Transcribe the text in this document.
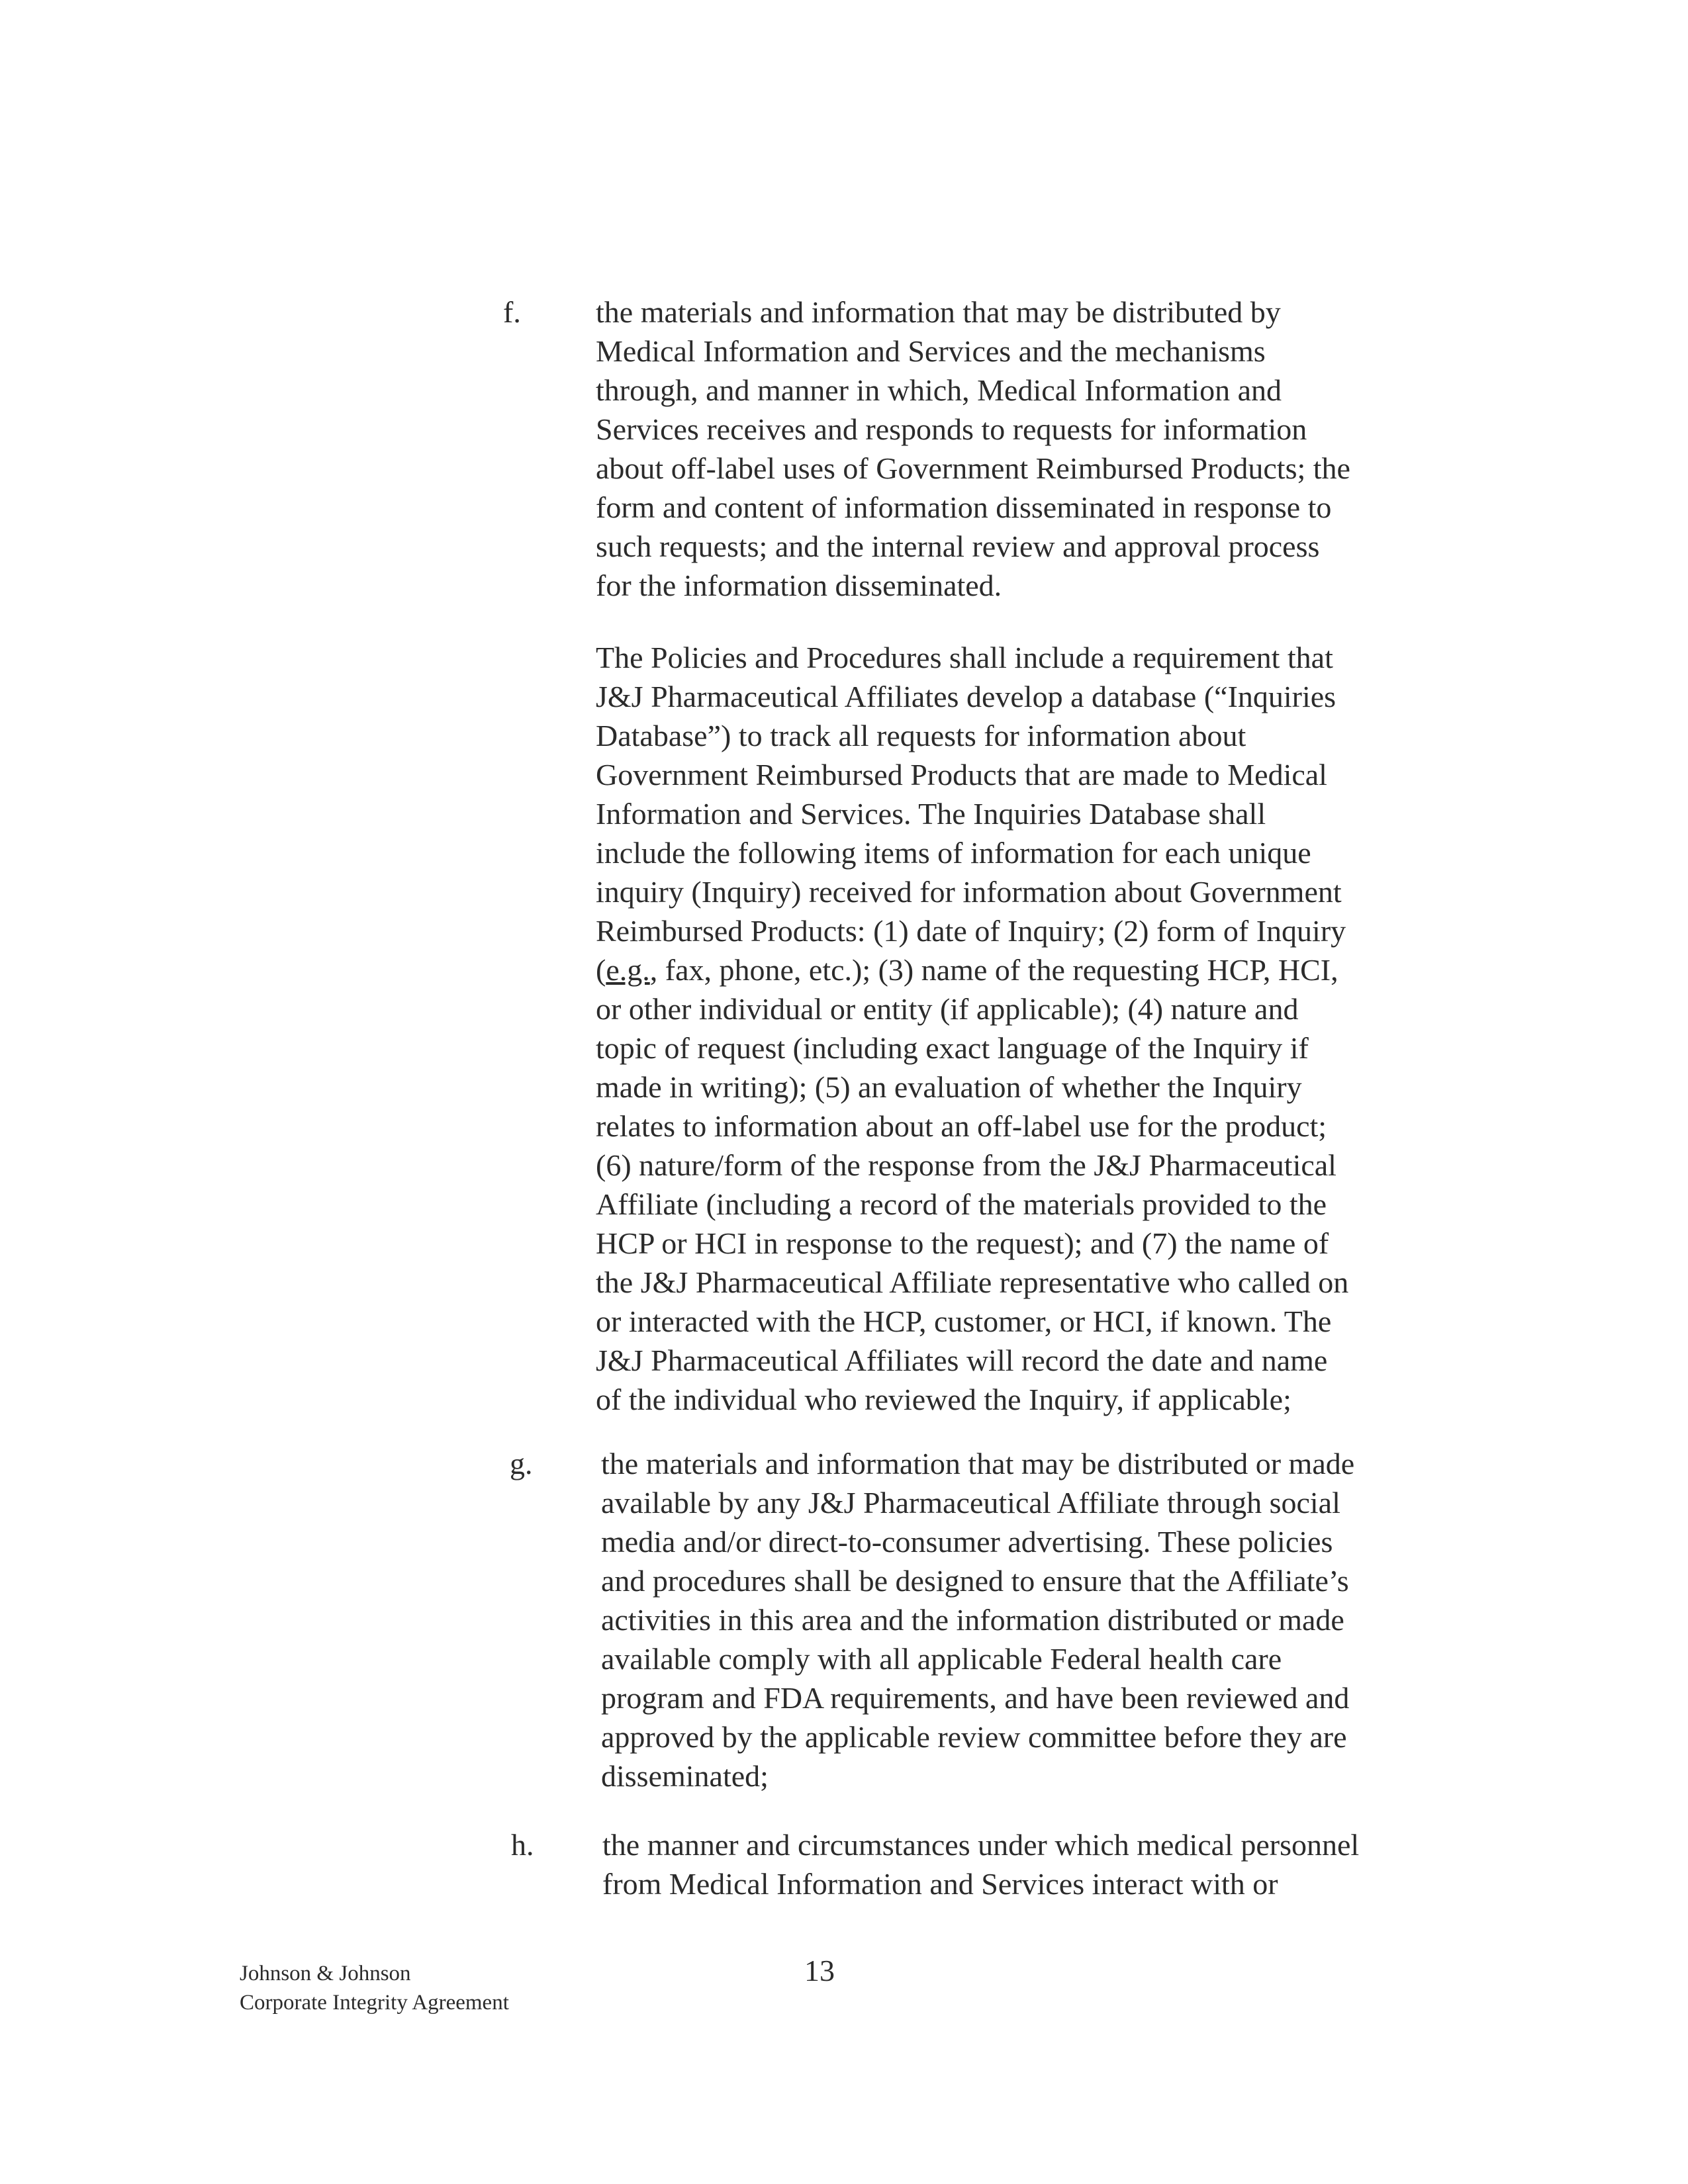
f. the materials and information that may be distributed by
Medical Information and Services and the mechanisms
through, and manner in which, Medical Information and
Services receives and responds to requests for information
about off-label uses of Government Reimbursed Products; the
form and content of information disseminated in response to
such requests; and the internal review and approval process
for the information disseminated.
The Policies and Procedures shall include a requirement that
J&J Pharmaceutical Affiliates develop a database (“Inquiries
Database”) to track all requests for information about
Government Reimbursed Products that are made to Medical
Information and Services. The Inquiries Database shall
include the following items of information for each unique
inquiry (Inquiry) received for information about Government
Reimbursed Products: (1) date of Inquiry; (2) form of Inquiry
(e.g., fax, phone, etc.); (3) name of the requesting HCP, HCI,
or other individual or entity (if applicable); (4) nature and
topic of request (including exact language of the Inquiry if
made in writing); (5) an evaluation of whether the Inquiry
relates to information about an off-label use for the product;
(6) nature/form of the response from the J&J Pharmaceutical
Affiliate (including a record of the materials provided to the
HCP or HCI in response to the request); and (7) the name of
the J&J Pharmaceutical Affiliate representative who called on
or interacted with the HCP, customer, or HCI, if known. The
J&J Pharmaceutical Affiliates will record the date and name
of the individual who reviewed the Inquiry, if applicable;
g. the materials and information that may be distributed or made
available by any J&J Pharmaceutical Affiliate through social
media and/or direct-to-consumer advertising. These policies
and procedures shall be designed to ensure that the Affiliate’s
activities in this area and the information distributed or made
available comply with all applicable Federal health care
program and FDA requirements, and have been reviewed and
approved by the applicable review committee before they are
disseminated;
h. the manner and circumstances under which medical personnel
from Medical Information and Services interact with or
Johnson & Johnson
Corporate Integrity Agreement
13
